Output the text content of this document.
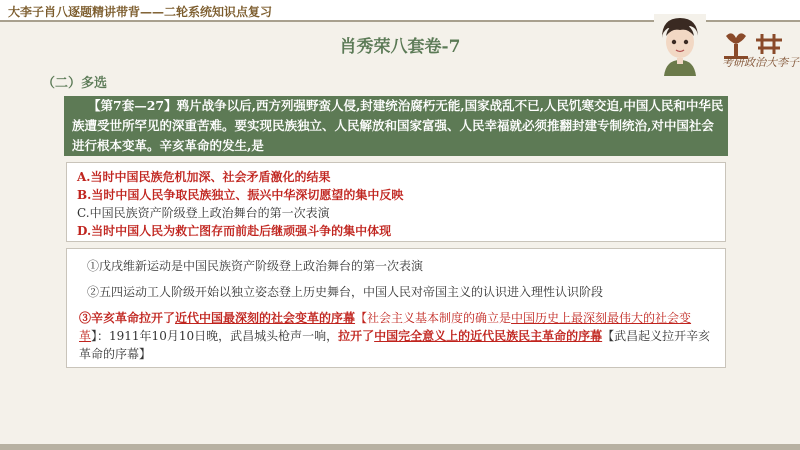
大李子肖八逐题精讲带背——二轮系统知识点复习
肖秀荣八套卷-7
考研政治大李子
（二）多选
【第7套—27】鸦片战争以后,西方列强野蛮人侵,封建统治腐朽无能,国家战乱不已,人民饥寒交迫,中国人民和中华民族遭受世所罕见的深重苦难。要实现民族独立、人民解放和国家富强、人民幸福就必须推翻封建专制统治,对中国社会进行根本变革。辛亥革命的发生,是
A.当时中国民族危机加深、社会矛盾激化的结果
B.当时中国人民争取民族独立、振兴中华深切愿望的集中反映
C.中国民族资产阶级登上政治舞台的第一次表演
D.当时中国人民为救亡图存而前赴后继顽强斗争的集中体现
①戊戌维新运动是中国民族资产阶级登上政治舞台的第一次表演
②五四运动工人阶级开始以独立姿态登上历史舞台，中国人民对帝国主义的认识进入理性认识阶段
③辛亥革命拉开了近代中国最深刻的社会变革的序幕【社会主义基本制度的确立是中国历史上最深刻最伟大的社会变革】：1911年10月10日晚，武昌城头枪声一响，拉开了中国完全意义上的近代民族民主革命的序幕【武昌起义拉开辛亥革命的序幕】
